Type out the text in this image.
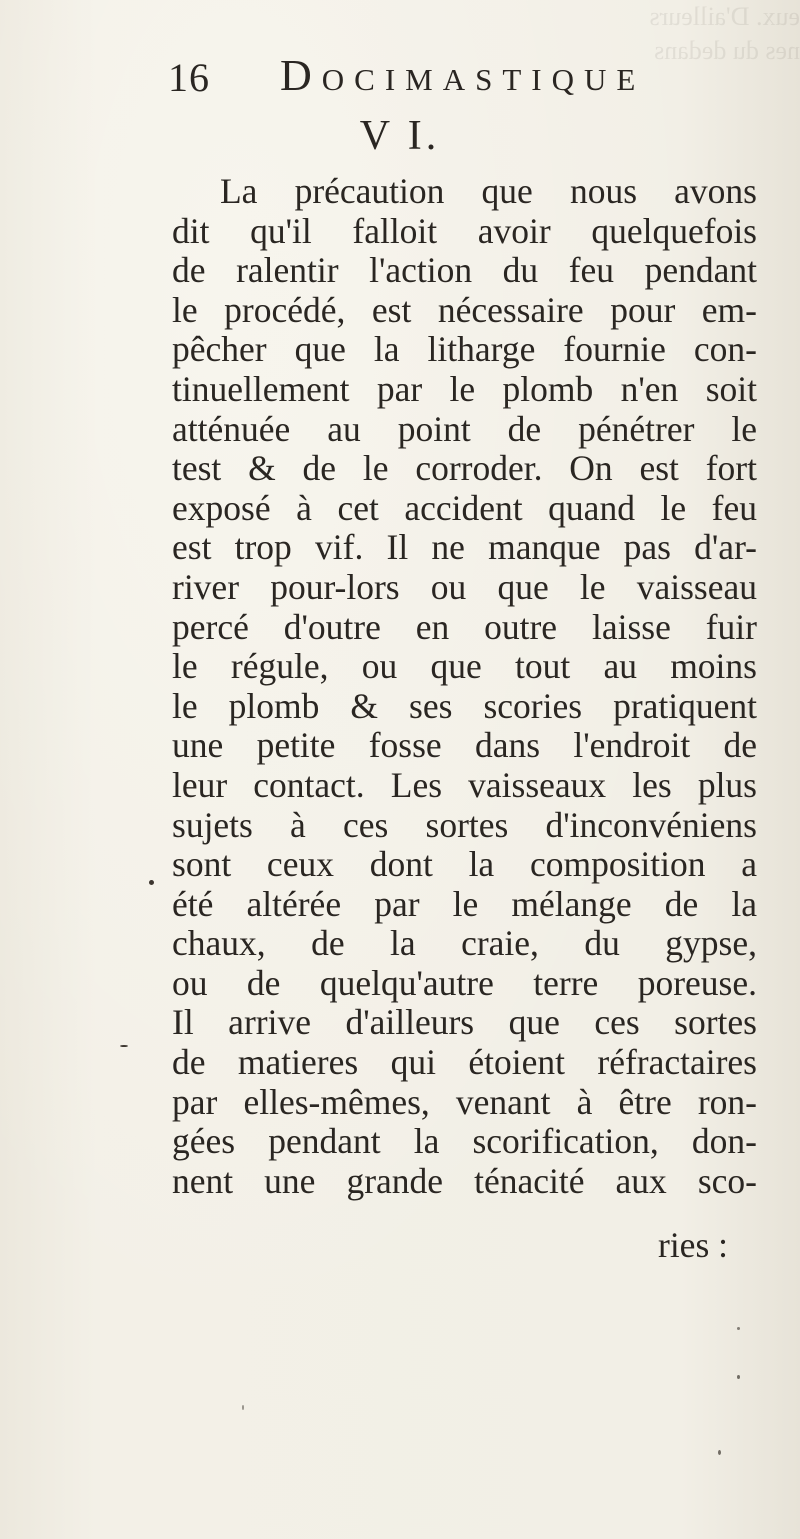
eux. D'ailleurs
nes du dedans
16 Docimastique
V I.
La précaution que nous avons
dit qu'il falloit avoir quelquefois
de ralentir l'action du feu pendant
le procédé, est nécessaire pour em-
pêcher que la litharge fournie con-
tinuellement par le plomb n'en soit
atténuée au point de pénétrer le
test & de le corroder. On est fort
exposé à cet accident quand le feu
est trop vif. Il ne manque pas d'ar-
river pour-lors ou que le vaisseau
percé d'outre en outre laisse fuir
le régule, ou que tout au moins
le plomb & ses scories pratiquent
une petite fosse dans l'endroit de
leur contact. Les vaisseaux les plus
sujets à ces sortes d'inconvéniens
sont ceux dont la composition a
été altérée par le mélange de la
chaux, de la craie, du gypse,
ou de quelqu'autre terre poreuse.
Il arrive d'ailleurs que ces sortes
de matieres qui étoient réfractaires
par elles-mêmes, venant à être ron-
gées pendant la scorification, don-
nent une grande ténacité aux sco-
ries :
